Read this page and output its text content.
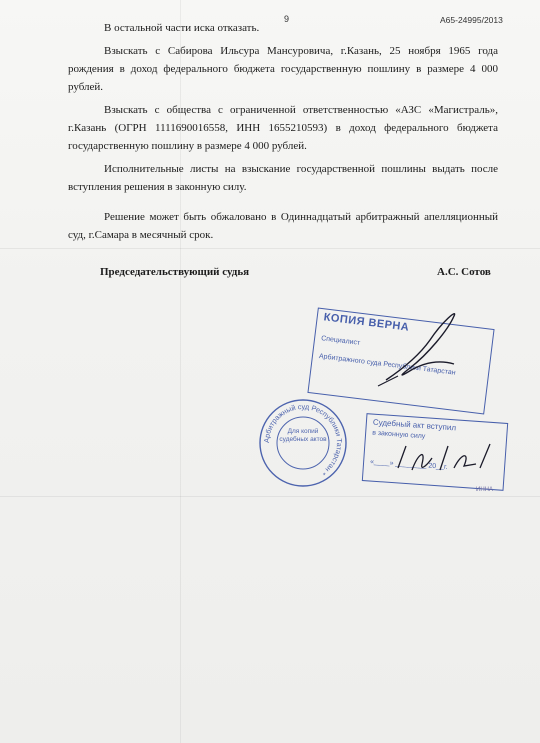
9	А65-24995/2013

В остальной части иска отказать.

Взыскать с Сабирова Ильсура Мансуровича, г.Казань, 25 ноября 1965 года рождения в доход федерального бюджета государственную пошлину в размере 4 000 рублей.

Взыскать с общества с ограниченной ответственностью «АЗС «Магистраль», г.Казань (ОГРН 1111690016558, ИНН 1655210593) в доход федерального бюджета государственную пошлину в размере 4 000 рублей.

Исполнительные листы на взыскание государственной пошлины выдать после вступления решения в законную силу.

Решение может быть обжаловано в Одиннадцатый арбитражный апелляционный суд, г.Самара в месячный срок.

Председательствующий судья	А.С. Сотов
КОПИЯ ВЕРНА
Специалист
Арбитражного суда Республики Татарстан
Арбитражный суд Республики Татарстан *
Для копий судебных актов
Судебный акт вступил
в законную силу
«____» ________ 20__г.
ИННА
